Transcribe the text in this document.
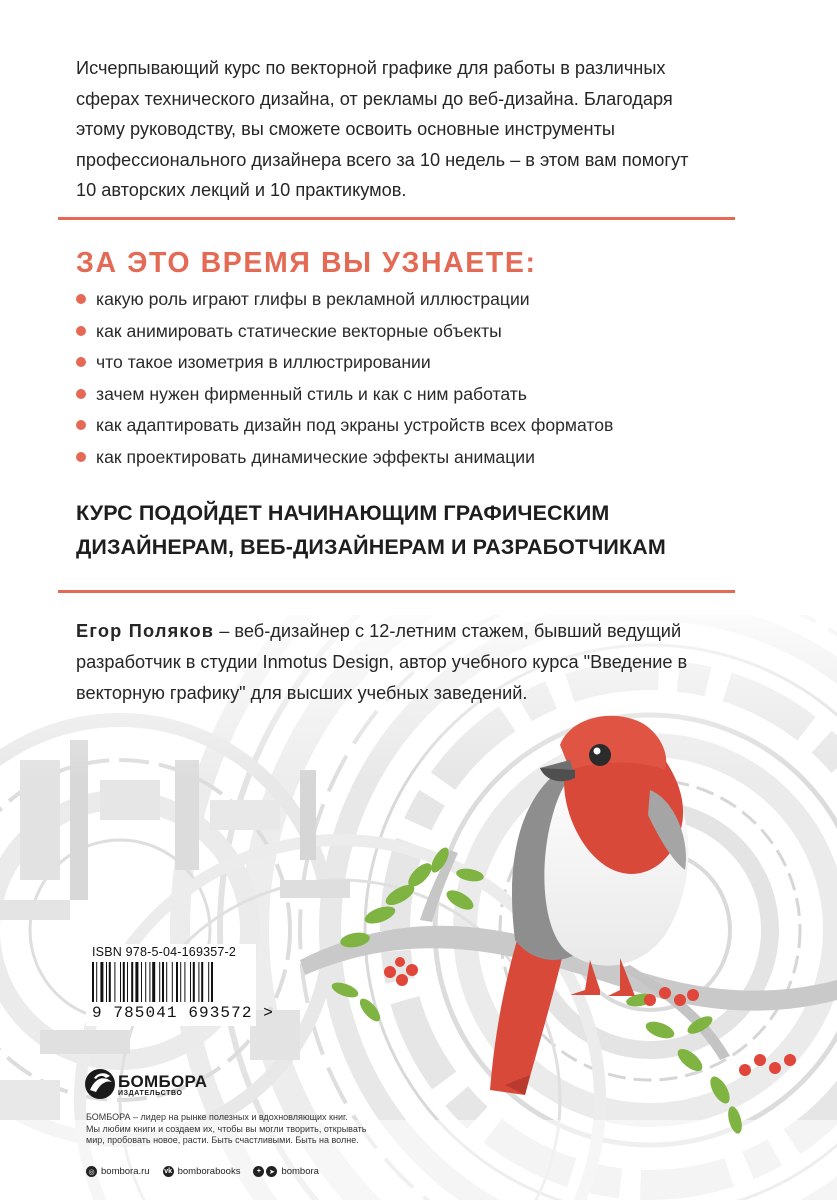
Исчерпывающий курс по векторной графике для работы в различных
сферах технического дизайна, от рекламы до веб-дизайна. Благодаря
этому руководству, вы сможете освоить основные инструменты
профессионального дизайнера всего за 10 недель – в этом вам помогут
10 авторских лекций и 10 практикумов.

ЗА ЭТО ВРЕМЯ ВЫ УЗНАЕТЕ:
какую роль играют глифы в рекламной иллюстрации
как анимировать статические векторные объекты
что такое изометрия в иллюстрировании
зачем нужен фирменный стиль и как с ним работать
как адаптировать дизайн под экраны устройств всех форматов
как проектировать динамические эффекты анимации
КУРС ПОДОЙДЕТ НАЧИНАЮЩИМ ГРАФИЧЕСКИМ
ДИЗАЙНЕРАМ, ВЕБ-ДИЗАЙНЕРАМ И РАЗРАБОТЧИКАМ

Егор Поляков – веб-дизайнер с 12-летним стажем, бывший ведущий
разработчик в студии Inmotus Design, автор учебного курса "Введение в
векторную графику" для высших учебных заведений.

ISBN 978-5-04-169357-2
9 785041 693572 >
БОМБОРА
ИЗДАТЕЛЬСТВО

БОМБОРА – лидер на рынке полезных и вдохновляющих книг.
Мы любим книги и создаем их, чтобы вы могли творить, открывать
мир, пробовать новое, расти. Быть счастливыми. Быть на волне.

◎ bombora.ru vk bomborabooks	+	➤ bombora
